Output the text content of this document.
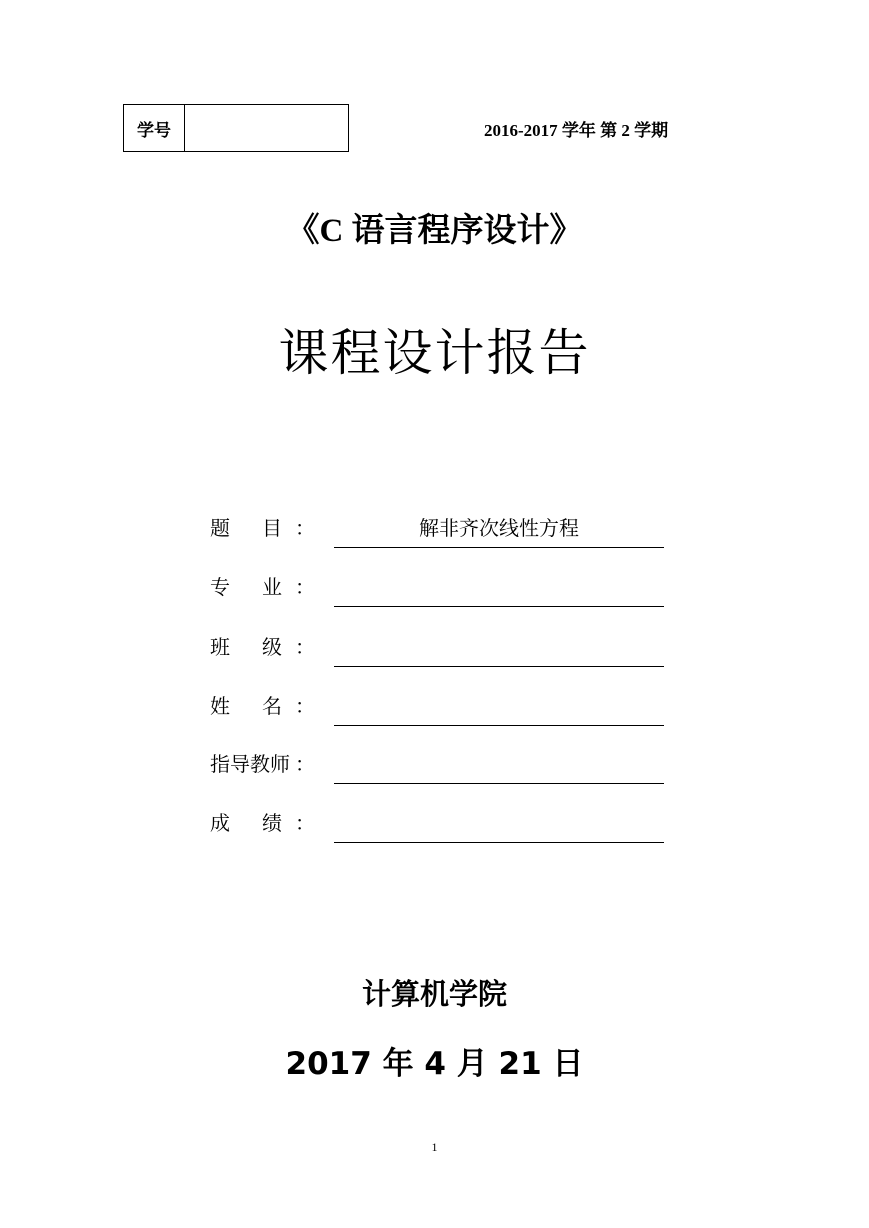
学号	2016-2017 学年 第 2 学期
《C 语言程序设计》
课程设计报告
题 目 ：	解非齐次线性方程
专 业 ：
班 级 ：
姓 名 ：
指导教师 ：
成 绩 ：
计算机学院
2017 年 4 月 21 日
1
